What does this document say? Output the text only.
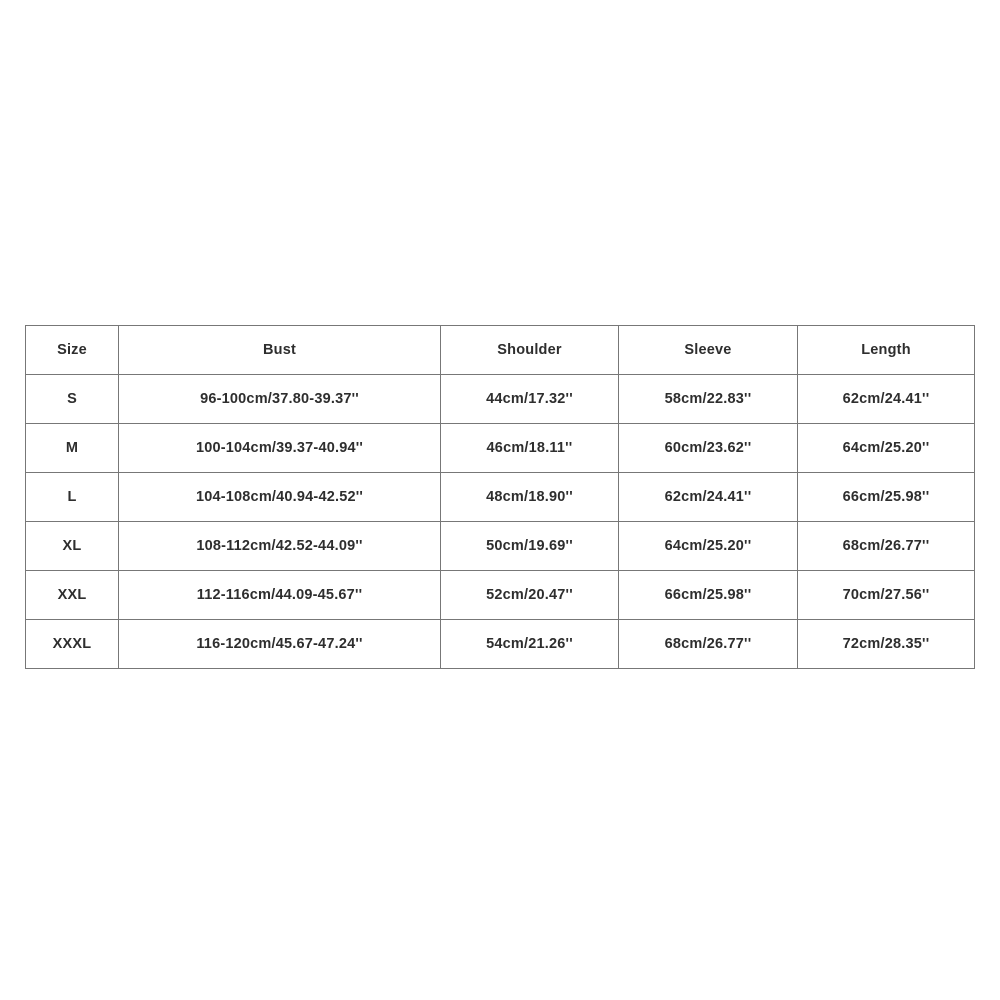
Size	Bust	Shoulder	Sleeve	Length
S	96-100cm/37.80-39.37''	44cm/17.32''	58cm/22.83''	62cm/24.41''
M	100-104cm/39.37-40.94''	46cm/18.11''	60cm/23.62''	64cm/25.20''
L	104-108cm/40.94-42.52''	48cm/18.90''	62cm/24.41''	66cm/25.98''
XL	108-112cm/42.52-44.09''	50cm/19.69''	64cm/25.20''	68cm/26.77''
XXL	112-116cm/44.09-45.67''	52cm/20.47''	66cm/25.98''	70cm/27.56''
XXXL	116-120cm/45.67-47.24''	54cm/21.26''	68cm/26.77''	72cm/28.35''
